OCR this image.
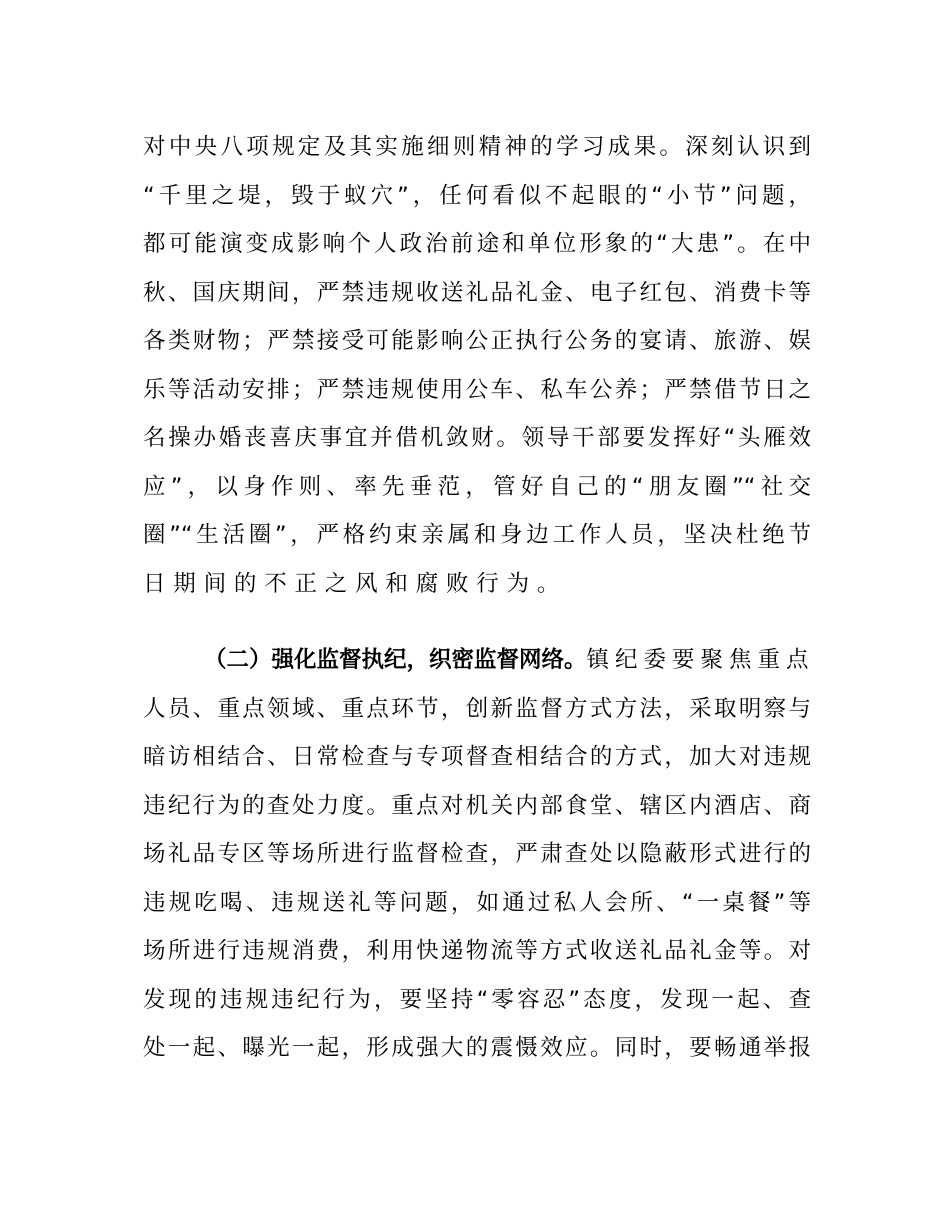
对中央八项规定及其实施细则精神的学习成果。深刻认识到
“千里之堤，毁于蚁穴”，任何看似不起眼的“小节”问题，
都可能演变成影响个人政治前途和单位形象的“大患”。在中
秋、国庆期间，严禁违规收送礼品礼金、电子红包、消费卡等
各类财物；严禁接受可能影响公正执行公务的宴请、旅游、娱
乐等活动安排；严禁违规使用公车、私车公养；严禁借节日之
名操办婚丧喜庆事宜并借机敛财。领导干部要发挥好“头雁效
应”，以身作则、率先垂范，管好自己的“朋友圈”“社交
圈”“生活圈”，严格约束亲属和身边工作人员，坚决杜绝节
日期间的不正之风和腐败行为。
（二）强化监督执纪，织密监督网络。镇纪委要聚焦重点
人员、重点领域、重点环节，创新监督方式方法，采取明察与
暗访相结合、日常检查与专项督查相结合的方式，加大对违规
违纪行为的查处力度。重点对机关内部食堂、辖区内酒店、商
场礼品专区等场所进行监督检查，严肃查处以隐蔽形式进行的
违规吃喝、违规送礼等问题，如通过私人会所、“一桌餐”等
场所进行违规消费，利用快递物流等方式收送礼品礼金等。对
发现的违规违纪行为，要坚持“零容忍”态度，发现一起、查
处一起、曝光一起，形成强大的震慑效应。同时，要畅通举报
